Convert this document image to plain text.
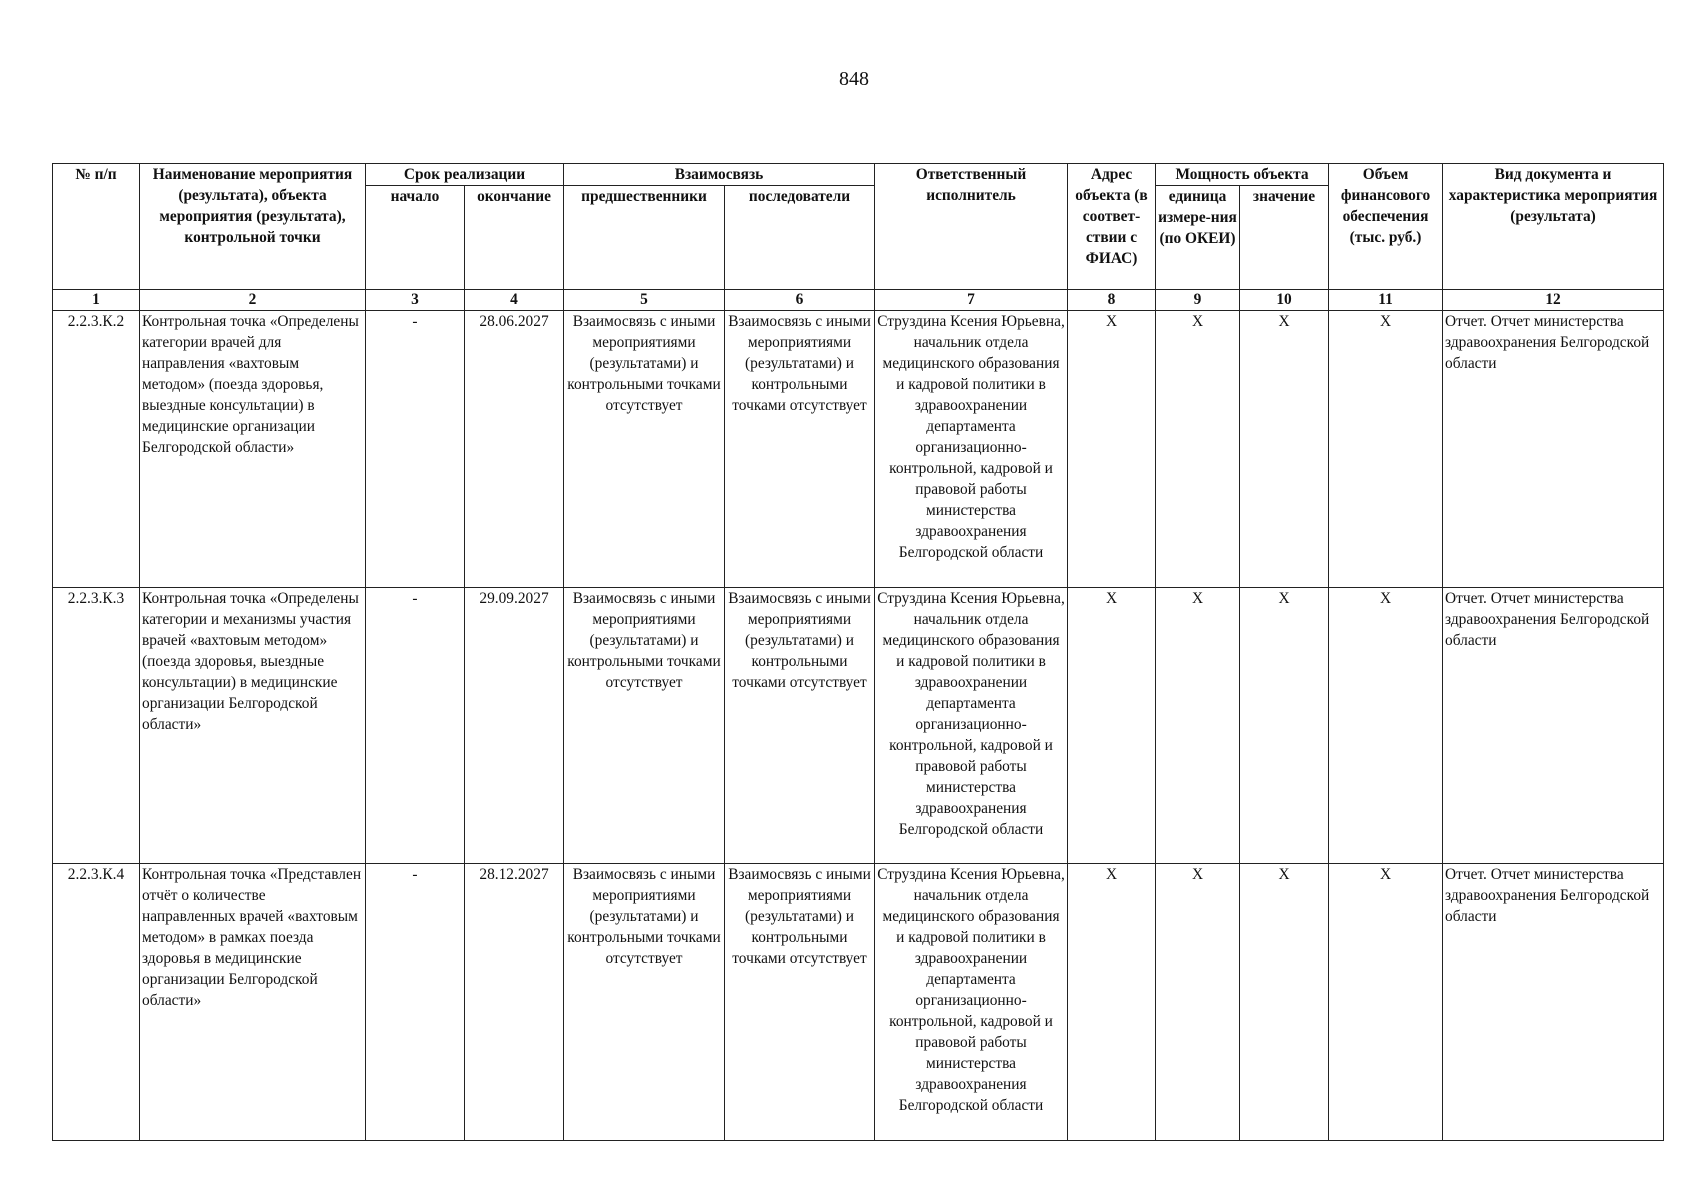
848
№ п/п	Наименование мероприятия (результата), объекта мероприятия (результата), контрольной точки	Срок реализации		Взаимосвязь		Ответственный исполнитель	Адрес объекта (в соответ-ствии с ФИАС)	Мощность объекта		Объем финансового обеспечения (тыс. руб.)	Вид документа и характеристика мероприятия (результата)
		начало	окончание	предшественники	последователи			единица измере-ния (по ОКЕИ)	значение		
1	2	3	4	5	6	7	8	9	10	11	12
2.2.3.К.2	Контрольная точка «Определены категории врачей для направления «вахтовым методом» (поезда здоровья, выездные консультации) в медицинские организации Белгородской области»	-	28.06.2027	Взаимосвязь с иными мероприятиями (результатами) и контрольными точками отсутствует	Взаимосвязь с иными мероприятиями (результатами) и контрольными точками отсутствует	Струздина Ксения Юрьевна, начальник отдела медицинского образования и кадровой политики в здравоохранении департамента организационно-контрольной, кадровой и правовой работы министерства здравоохранения Белгородской области	Х	Х	Х	Х	Отчет. Отчет министерства здравоохранения Белгородской области
2.2.3.К.3	Контрольная точка «Определены категории и механизмы участия врачей «вахтовым методом» (поезда здоровья, выездные консультации) в медицинские организации Белгородской области»	-	29.09.2027	Взаимосвязь с иными мероприятиями (результатами) и контрольными точками отсутствует	Взаимосвязь с иными мероприятиями (результатами) и контрольными точками отсутствует	Струздина Ксения Юрьевна, начальник отдела медицинского образования и кадровой политики в здравоохранении департамента организационно-контрольной, кадровой и правовой работы министерства здравоохранения Белгородской области	Х	Х	Х	Х	Отчет. Отчет министерства здравоохранения Белгородской области
2.2.3.К.4	Контрольная точка «Представлен отчёт о количестве направленных врачей «вахтовым методом» в рамках поезда здоровья в медицинские организации Белгородской области»	-	28.12.2027	Взаимосвязь с иными мероприятиями (результатами) и контрольными точками отсутствует	Взаимосвязь с иными мероприятиями (результатами) и контрольными точками отсутствует	Струздина Ксения Юрьевна, начальник отдела медицинского образования и кадровой политики в здравоохранении департамента организационно-контрольной, кадровой и правовой работы министерства здравоохранения Белгородской области	Х	Х	Х	Х	Отчет. Отчет министерства здравоохранения Белгородской области
